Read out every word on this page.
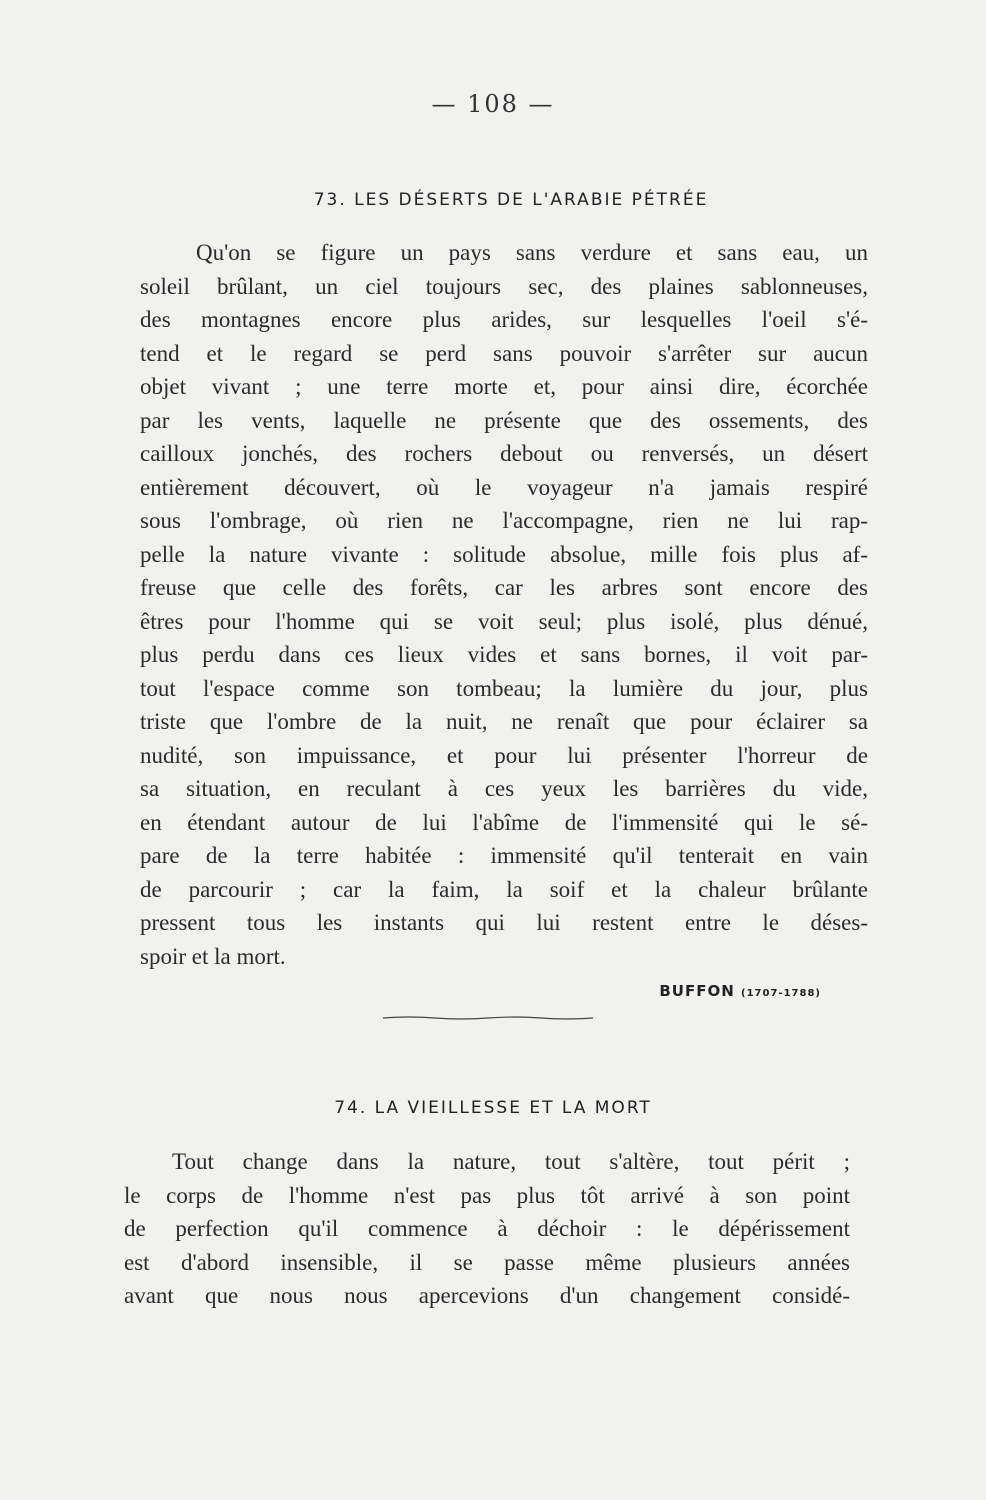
— 108 —
73. LES DÉSERTS DE L'ARABIE PÉTRÉE
Qu'on se figure un pays sans verdure et sans eau, un
soleil brûlant, un ciel toujours sec, des plaines sablonneuses,
des montagnes encore plus arides, sur lesquelles l'oeil s'é-
tend et le regard se perd sans pouvoir s'arrêter sur aucun
objet vivant ; une terre morte et, pour ainsi dire, écorchée
par les vents, laquelle ne présente que des ossements, des
cailloux jonchés, des rochers debout ou renversés, un désert
entièrement découvert, où le voyageur n'a jamais respiré
sous l'ombrage, où rien ne l'accompagne, rien ne lui rap-
pelle la nature vivante : solitude absolue, mille fois plus af-
freuse que celle des forêts, car les arbres sont encore des
êtres pour l'homme qui se voit seul; plus isolé, plus dénué,
plus perdu dans ces lieux vides et sans bornes, il voit par-
tout l'espace comme son tombeau; la lumière du jour, plus
triste que l'ombre de la nuit, ne renaît que pour éclairer sa
nudité, son impuissance, et pour lui présenter l'horreur de
sa situation, en reculant à ces yeux les barrières du vide,
en étendant autour de lui l'abîme de l'immensité qui le sé-
pare de la terre habitée : immensité qu'il tenterait en vain
de parcourir ; car la faim, la soif et la chaleur brûlante
pressent tous les instants qui lui restent entre le déses-
spoir et la mort.
BUFFON (1707-1788)
74. LA VIEILLESSE ET LA MORT
Tout change dans la nature, tout s'altère, tout périt ;
le corps de l'homme n'est pas plus tôt arrivé à son point
de perfection qu'il commence à déchoir : le dépérissement
est d'abord insensible, il se passe même plusieurs années
avant que nous nous apercevions d'un changement considé-
